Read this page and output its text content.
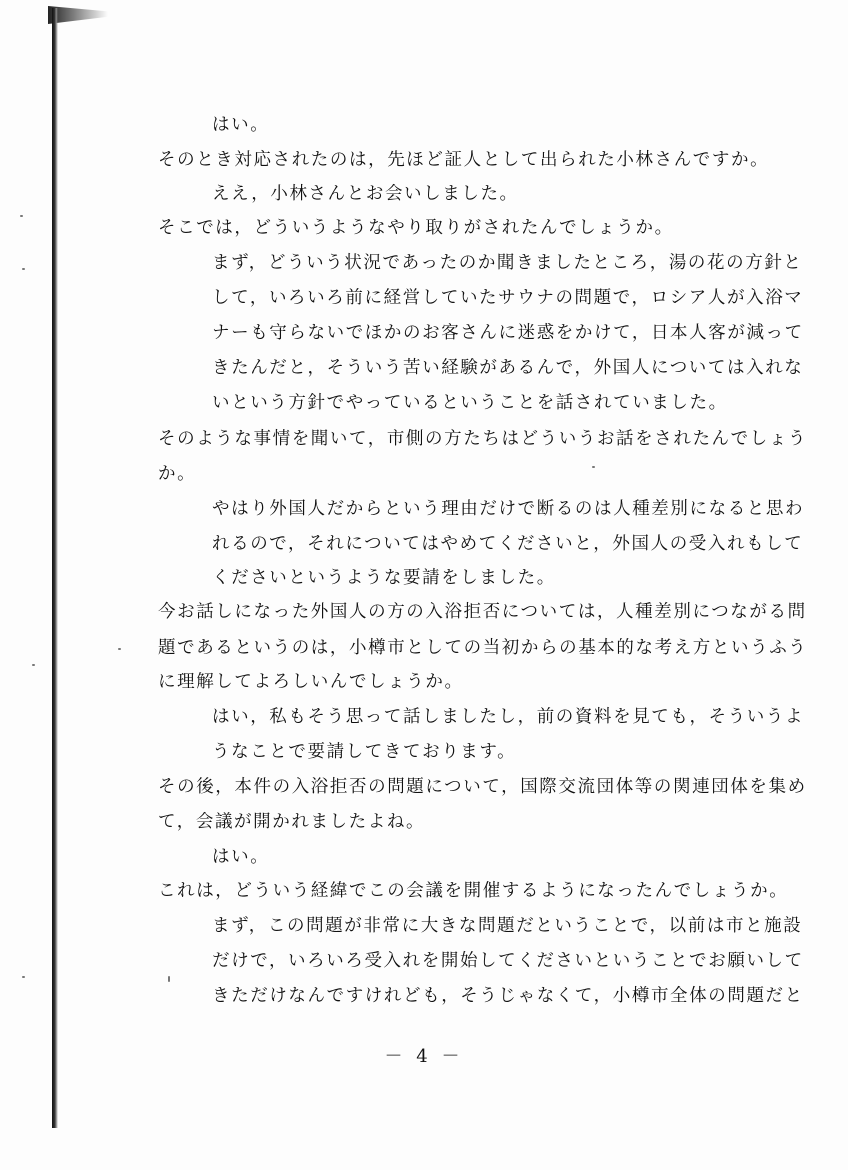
はい。
そのとき対応されたのは，先ほど証人として出られた小林さんですか。
ええ，小林さんとお会いしました。
そこでは，どういうようなやり取りがされたんでしょうか。
まず，どういう状況であったのか聞きましたところ，湯の花の方針と
して，いろいろ前に経営していたサウナの問題で，ロシア人が入浴マ
ナーも守らないでほかのお客さんに迷惑をかけて，日本人客が減って
きたんだと，そういう苦い経験があるんで，外国人については入れな
いという方針でやっているということを話されていました。
そのような事情を聞いて，市側の方たちはどういうお話をされたんでしょう
か。
やはり外国人だからという理由だけで断るのは人種差別になると思わ
れるので，それについてはやめてくださいと，外国人の受入れもして
くださいというような要請をしました。
今お話しになった外国人の方の入浴拒否については，人種差別につながる問
題であるというのは，小樽市としての当初からの基本的な考え方というふう
に理解してよろしいんでしょうか。
はい，私もそう思って話しましたし，前の資料を見ても，そういうよ
うなことで要請してきております。
その後，本件の入浴拒否の問題について，国際交流団体等の関連団体を集め
て，会議が開かれましたよね。
はい。
これは，どういう経緯でこの会議を開催するようになったんでしょうか。
まず，この問題が非常に大きな問題だということで，以前は市と施設
だけで，いろいろ受入れを開始してくださいということでお願いして
きただけなんですけれども，そうじゃなくて，小樽市全体の問題だと
－ 4 －
